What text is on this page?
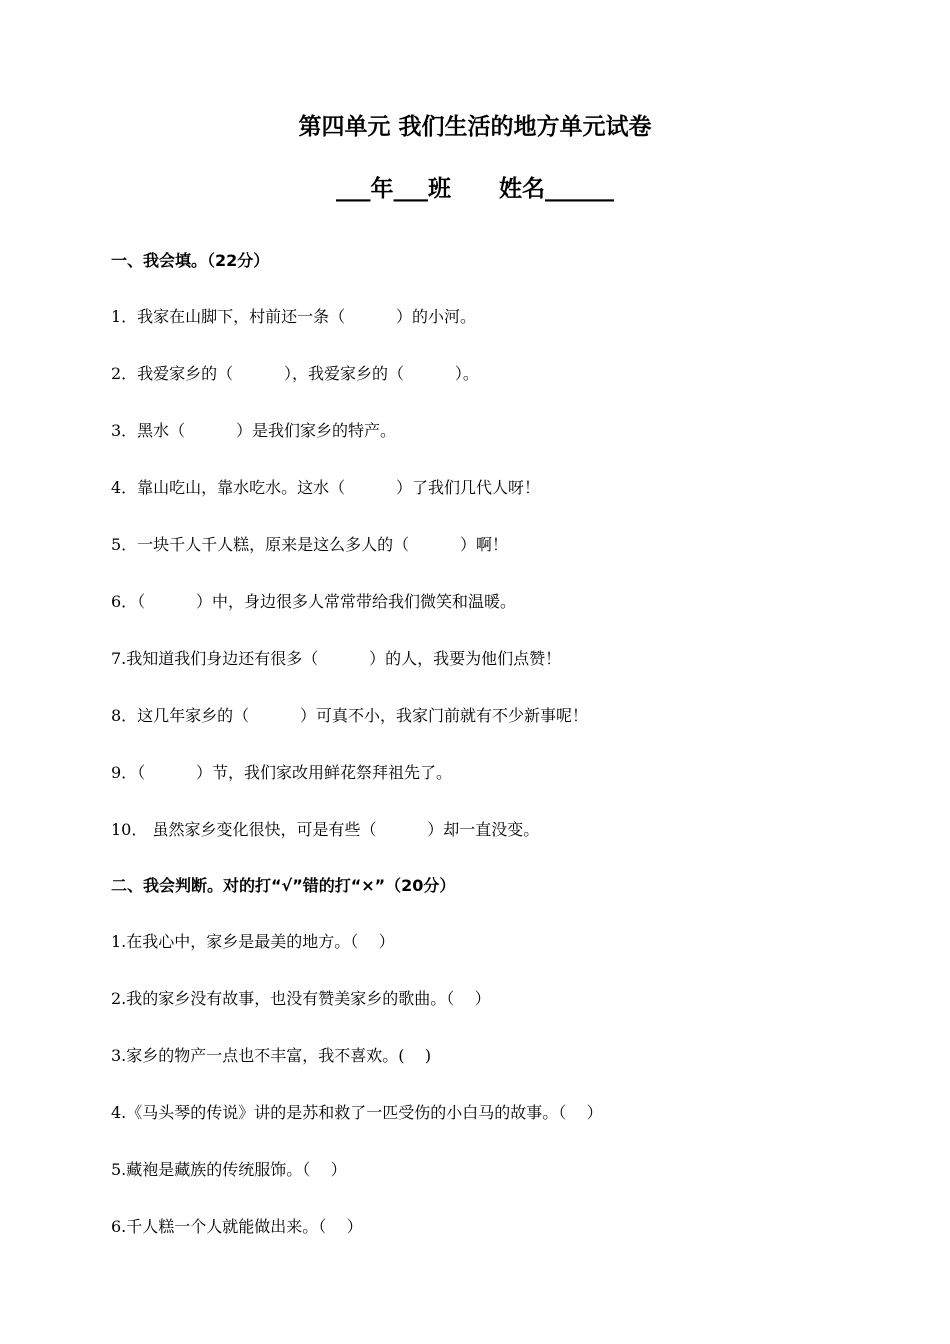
第四单元 我们生活的地方单元试卷
___年___班      姓名______
一、我会填。（22分）
1．我家在山脚下，村前还一条（          ）的小河。
2．我爱家乡的（          ），我爱家乡的（          ）。
3．黑水（          ）是我们家乡的特产。
4．靠山吃山，靠水吃水。这水（          ）了我们几代人呀！
5．一块千人千人糕，原来是这么多人的（          ）啊！
6．（          ）中，身边很多人常常带给我们微笑和温暖。
7.我知道我们身边还有很多（          ）的人，我要为他们点赞！
8．这几年家乡的（          ）可真不小，我家门前就有不少新事呢！
9．（          ）节，我们家改用鲜花祭拜祖先了。
10． 虽然家乡变化很快，可是有些（          ）却一直没变。
二、我会判断。对的打“√”错的打“×”（20分）
1.在我心中，家乡是最美的地方。（    ）
2.我的家乡没有故事，也没有赞美家乡的歌曲。（    ）
3.家乡的物产一点也不丰富，我不喜欢。(    )
4.《马头琴的传说》讲的是苏和救了一匹受伤的小白马的故事。（    ）
5.藏袍是藏族的传统服饰。（    ）
6.千人糕一个人就能做出来。（    ）
